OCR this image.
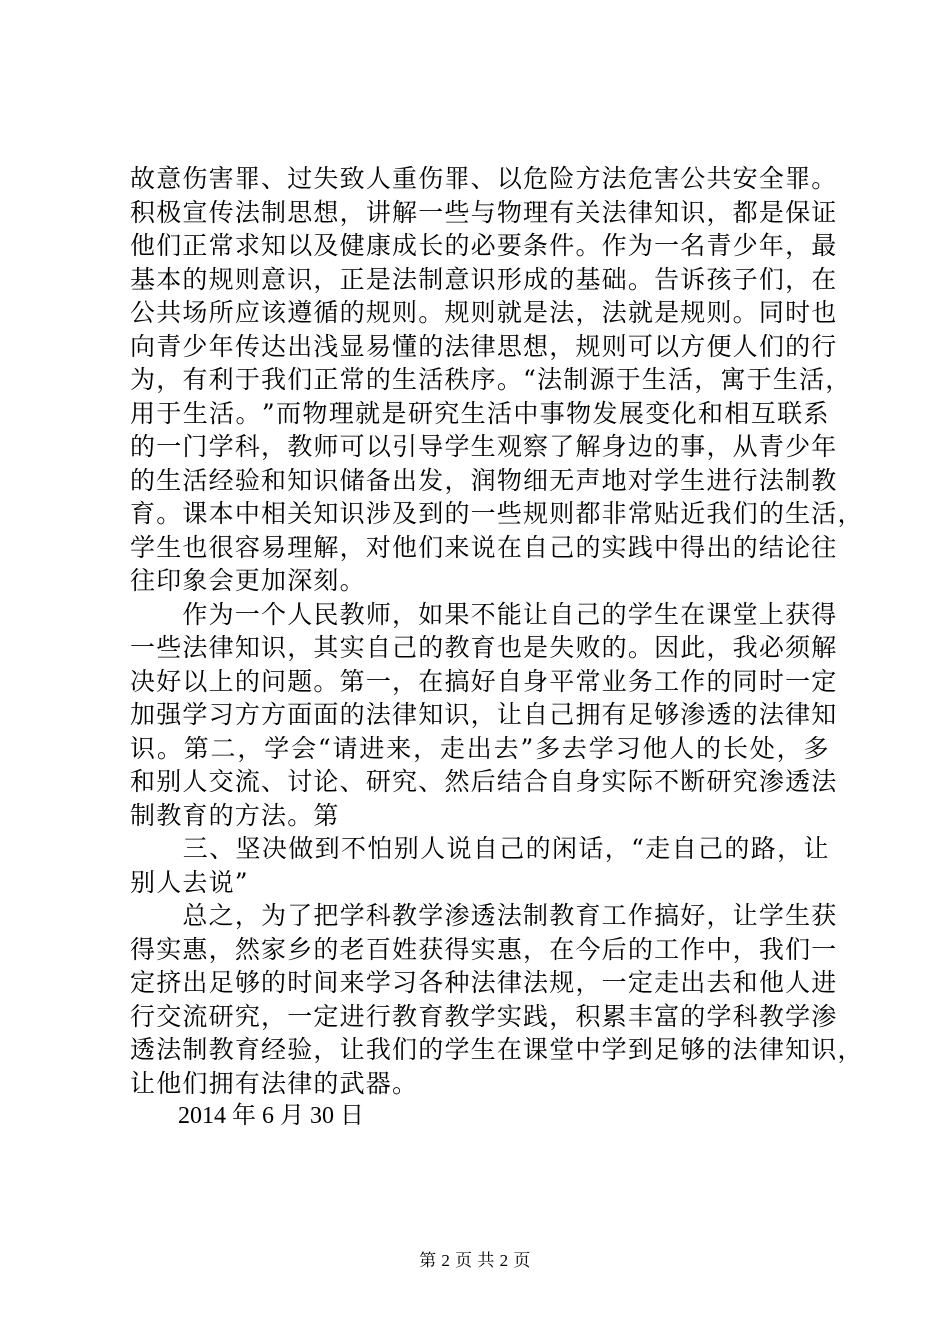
故 意 伤 害 罪 、 过 失 致 人 重 伤 罪 、 以 危 险 方 法 危 害 公 共 安 全 罪 。
积 极 宣 传 法 制 思 想 ， 讲 解 一 些 与 物 理 有 关 法 律 知 识 ， 都 是 保 证
他 们 正 常 求 知 以 及 健 康 成 长 的 必 要 条 件 。 作 为 一 名 青 少 年 ， 最
基 本 的 规 则 意 识 ， 正 是 法 制 意 识 形 成 的 基 础 。 告 诉 孩 子 们 ， 在
公 共 场 所 应 该 遵 循 的 规 则 。 规 则 就 是 法 ， 法 就 是 规 则 。 同 时 也
向 青 少 年 传 达 出 浅 显 易 懂 的 法 律 思 想 ， 规 则 可 以 方 便 人 们 的 行
为 ， 有 利 于 我 们 正 常 的 生 活 秩 序 。 “ 法 制 源 于 生 活 ， 寓 于 生 活 ，
用 于 生 活 。 ” 而 物 理 就 是 研 究 生 活 中 事 物 发 展 变 化 和 相 互 联 系
的 一 门 学 科 ， 教 师 可 以 引 导 学 生 观 察 了 解 身 边 的 事 ， 从 青 少 年
的 生 活 经 验 和 知 识 储 备 出 发 ， 润 物 细 无 声 地 对 学 生 进 行 法 制 教
育 。 课 本 中 相 关 知 识 涉 及 到 的 一 些 规 则 都 非 常 贴 近 我 们 的 生 活 ，
学 生 也 很 容 易 理 解 ， 对 他 们 来 说 在 自 己 的 实 践 中 得 出 的 结 论 往
往印象会更加深刻。

作 为 一 个 人 民 教 师 ， 如 果 不 能 让 自 己 的 学 生 在 课 堂 上 获 得
一 些 法 律 知 识 ， 其 实 自 己 的 教 育 也 是 失 败 的 。 因 此 ， 我 必 须 解
决 好 以 上 的 问 题 。 第 一 ， 在 搞 好 自 身 平 常 业 务 工 作 的 同 时 一 定
加 强 学 习 方 方 面 面 的 法 律 知 识 ， 让 自 己 拥 有 足 够 渗 透 的 法 律 知
识 。 第 二 ， 学 会 “ 请 进 来 ， 走 出 去 ” 多 去 学 习 他 人 的 长 处 ， 多
和 别 人 交 流 、 讨 论 、 研 究 、 然 后 结 合 自 身 实 际 不 断 研 究 渗 透 法
制教育的方法。第

三 、 坚 决 做 到 不 怕 别 人 说 自 己 的 闲 话 ， “ 走 自 己 的 路 ， 让
别人去说”

总 之 ， 为 了 把 学 科 教 学 渗 透 法 制 教 育 工 作 搞 好 ， 让 学 生 获
得 实 惠 ， 然 家 乡 的 老 百 姓 获 得 实 惠 ， 在 今 后 的 工 作 中 ， 我 们 一
定 挤 出 足 够 的 时 间 来 学 习 各 种 法 律 法 规 ， 一 定 走 出 去 和 他 人 进
行 交 流 研 究 ， 一 定 进 行 教 育 教 学 实 践 ， 积 累 丰 富 的 学 科 教 学 渗
透 法 制 教 育 经 验 ， 让 我 们 的 学 生 在 课 堂 中 学 到 足 够 的 法 律 知 识 ，
让他们拥有法律的武器。
2014 年 6 月 30 日
第 2 页 共 2 页
